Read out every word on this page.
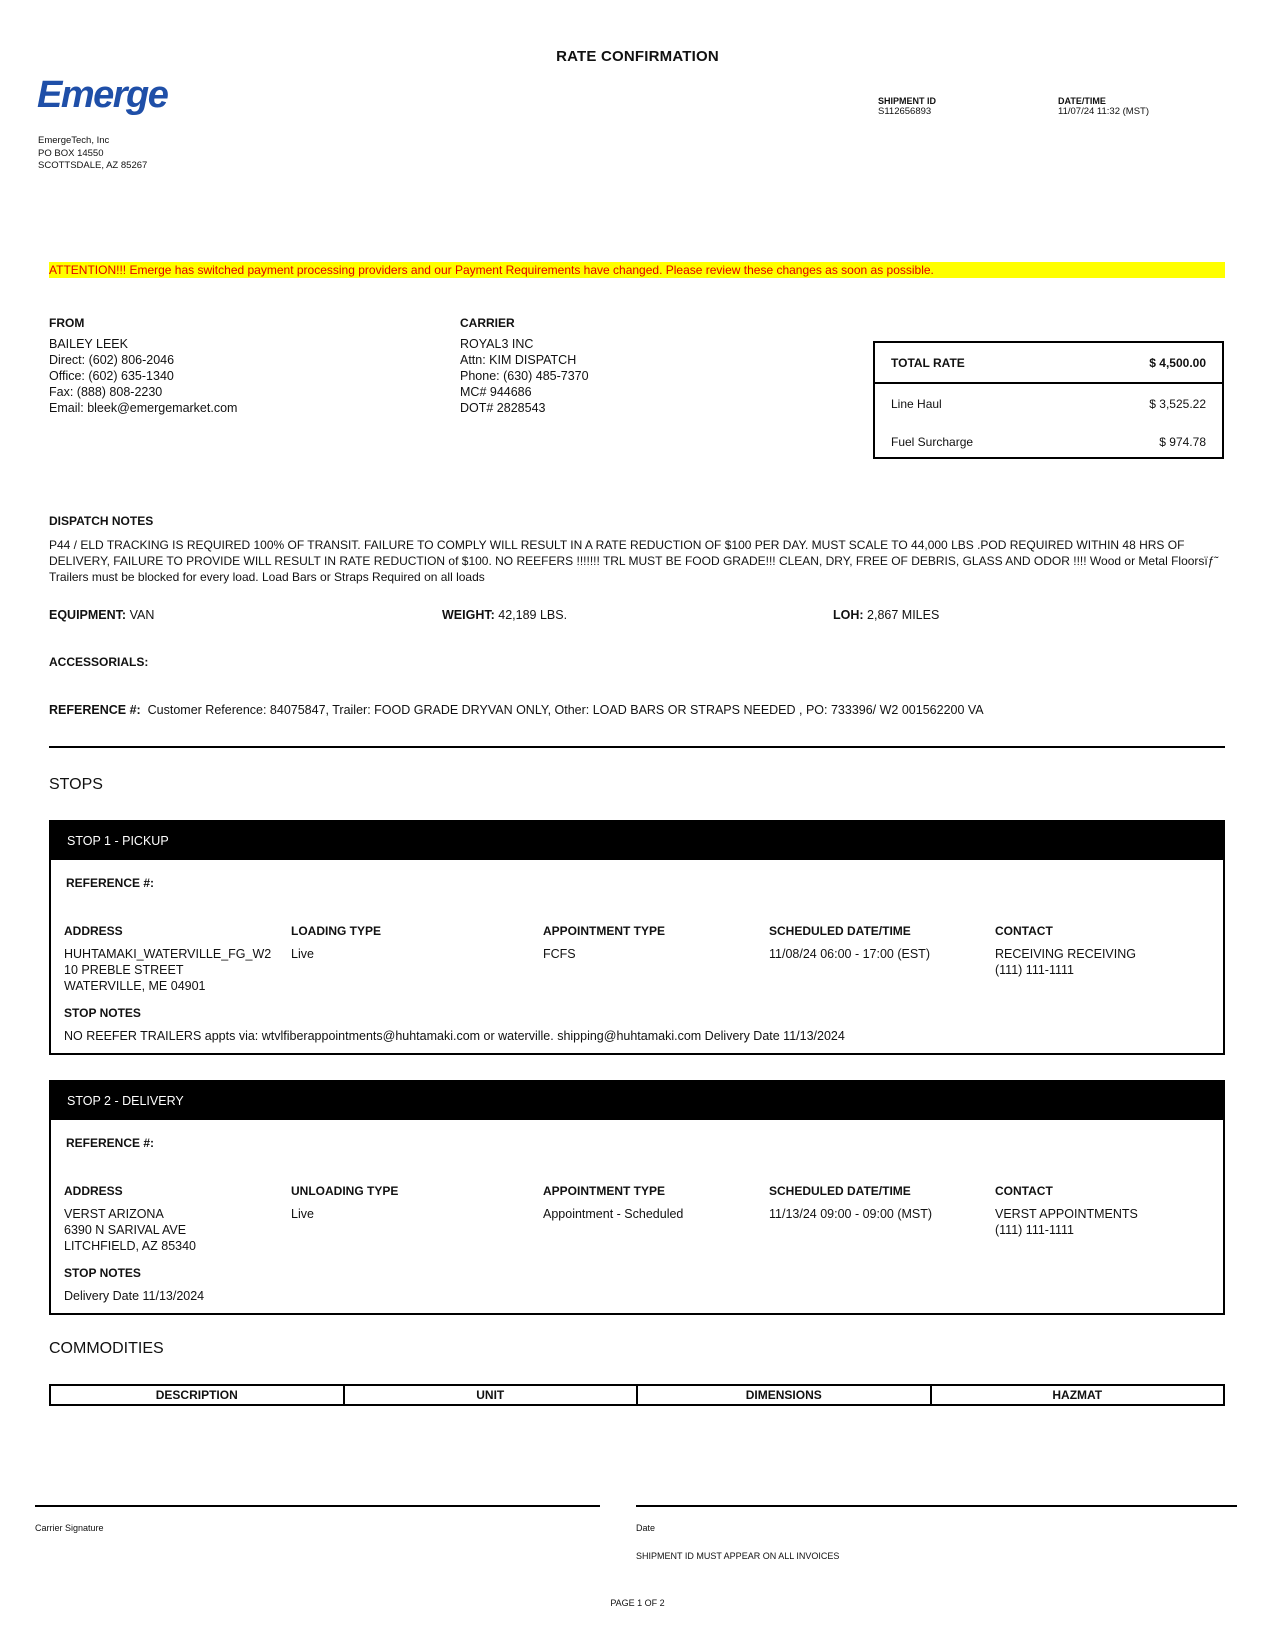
RATE CONFIRMATION
Emerge
EmergeTech, Inc
PO BOX 14550
SCOTTSDALE, AZ 85267
SHIPMENT ID
S112656893
DATE/TIME
11/07/24 11:32 (MST)
ATTENTION!!! Emerge has switched payment processing providers and our Payment Requirements have changed. Please review these changes as soon as possible.
FROM
BAILEY LEEK
Direct: (602) 806-2046
Office: (602) 635-1340
Fax: (888) 808-2230
Email: bleek@emergemarket.com
CARRIER
ROYAL3 INC
Attn: KIM DISPATCH
Phone: (630) 485-7370
MC# 944686
DOT# 2828543
TOTAL RATE	$ 4,500.00
Line Haul	$ 3,525.22
Fuel Surcharge	$ 974.78
DISPATCH NOTES
P44 / ELD TRACKING IS REQUIRED 100% OF TRANSIT. FAILURE TO COMPLY WILL RESULT IN A RATE REDUCTION OF $100 PER DAY. MUST SCALE TO 44,000 LBS .POD REQUIRED WITHIN 48 HRS OF DELIVERY, FAILURE TO PROVIDE WILL RESULT IN RATE REDUCTION of $100. NO REEFERS !!!!!!! TRL MUST BE FOOD GRADE!!! CLEAN, DRY, FREE OF DEBRIS, GLASS AND ODOR !!!! Wood or Metal Floorsïƒ˜ Trailers must be blocked for every load. Load Bars or Straps Required on all loads
EQUIPMENT: VAN	WEIGHT: 42,189 LBS.	LOH: 2,867 MILES
ACCESSORIALS:
REFERENCE #: Customer Reference: 84075847, Trailer: FOOD GRADE DRYVAN ONLY, Other: LOAD BARS OR STRAPS NEEDED , PO: 733396/ W2 001562200 VA
STOPS
STOP 1 - PICKUP
REFERENCE #:
ADDRESS
HUHTAMAKI_WATERVILLE_FG_W2
10 PREBLE STREET
WATERVILLE, ME 04901
LOADING TYPE
Live
APPOINTMENT TYPE
FCFS
SCHEDULED DATE/TIME
11/08/24 06:00 - 17:00 (EST)
CONTACT
RECEIVING RECEIVING
(111) 111-1111
STOP NOTES
NO REEFER TRAILERS appts via: wtvlfiberappointments@huhtamaki.com or waterville. shipping@huhtamaki.com Delivery Date 11/13/2024
STOP 2 - DELIVERY
REFERENCE #:
ADDRESS
VERST ARIZONA
6390 N SARIVAL AVE
LITCHFIELD, AZ 85340
UNLOADING TYPE
Live
APPOINTMENT TYPE
Appointment - Scheduled
SCHEDULED DATE/TIME
11/13/24 09:00 - 09:00 (MST)
CONTACT
VERST APPOINTMENTS
(111) 111-1111
STOP NOTES
Delivery Date 11/13/2024
COMMODITIES
DESCRIPTION	UNIT	DIMENSIONS	HAZMAT
Carrier Signature	Date
SHIPMENT ID MUST APPEAR ON ALL INVOICES
PAGE 1 OF 2
